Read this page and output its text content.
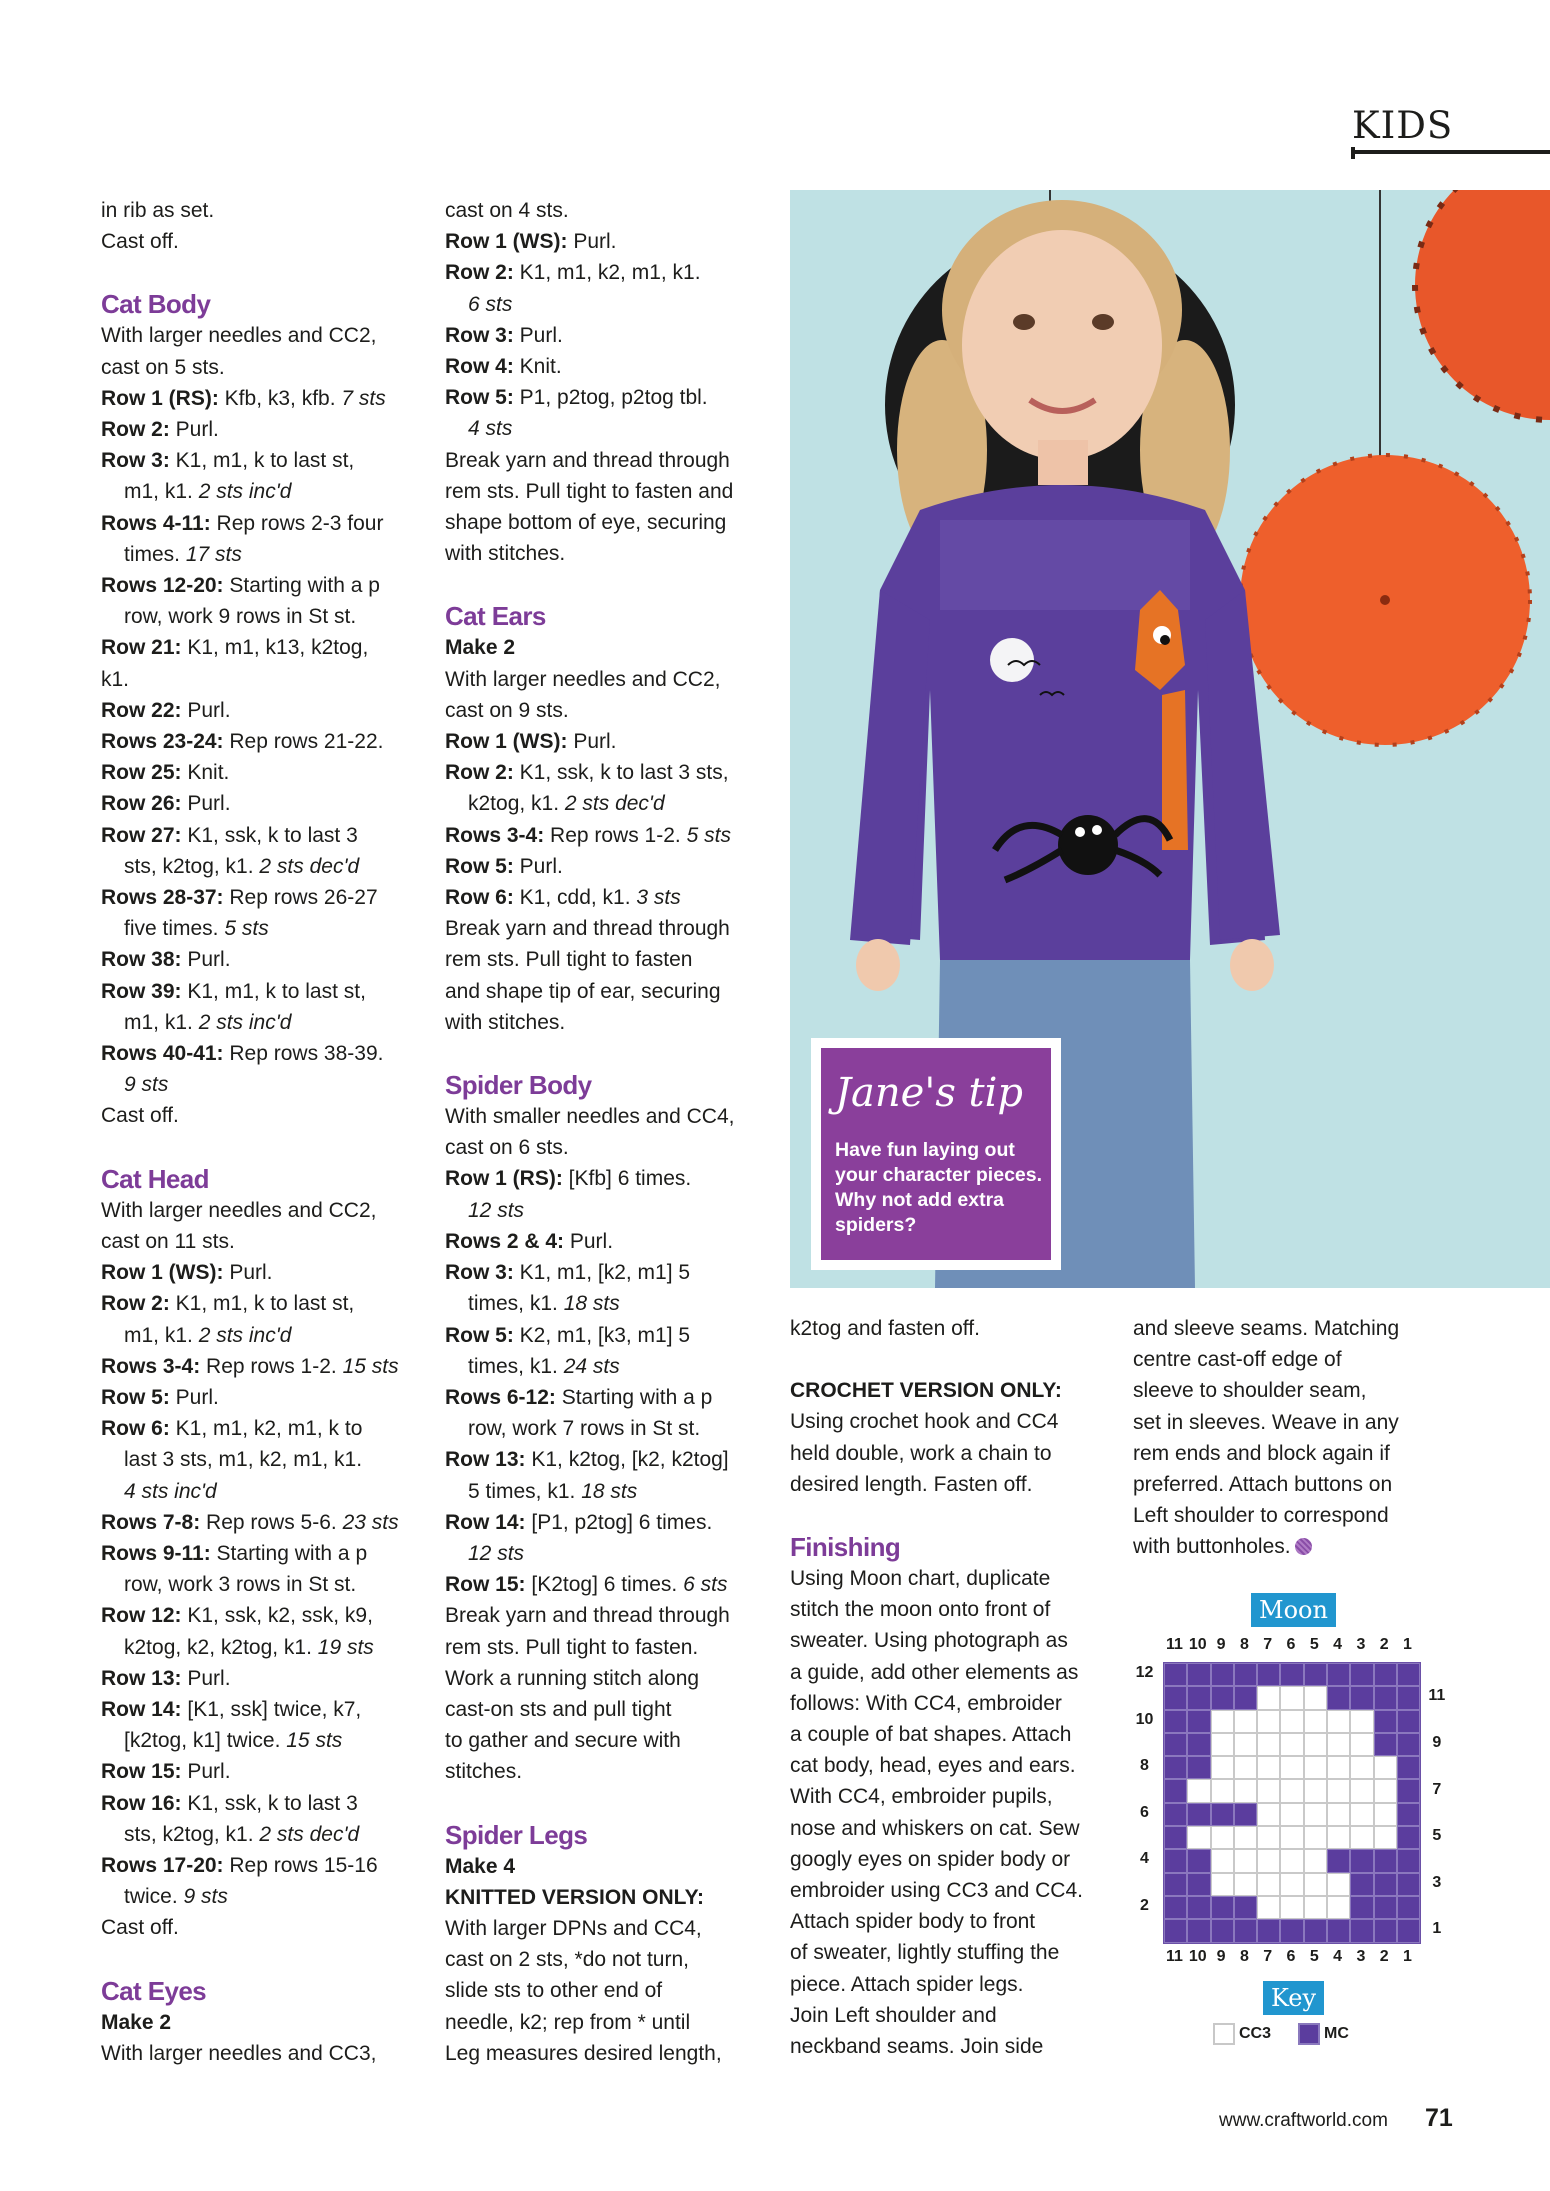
KIDS
in rib as set.
Cast off.
Cat Body
With larger needles and CC2,
cast on 5 sts.
Row 1 (RS): Kfb, k3, kfb. 7 sts
Row 2: Purl.
Row 3: K1, m1, k to last st,
m1, k1. 2 sts inc'd
Rows 4-11: Rep rows 2-3 four
times. 17 sts
Rows 12-20: Starting with a p
row, work 9 rows in St st.
Row 21: K1, m1, k13, k2tog,
k1.
Row 22: Purl.
Rows 23-24: Rep rows 21-22.
Row 25: Knit.
Row 26: Purl.
Row 27: K1, ssk, k to last 3
sts, k2tog, k1. 2 sts dec'd
Rows 28-37: Rep rows 26-27
five times. 5 sts
Row 38: Purl.
Row 39: K1, m1, k to last st,
m1, k1. 2 sts inc'd
Rows 40-41: Rep rows 38-39.
9 sts
Cast off.
Cat Head
With larger needles and CC2,
cast on 11 sts.
Row 1 (WS): Purl.
Row 2: K1, m1, k to last st,
m1, k1. 2 sts inc'd
Rows 3-4: Rep rows 1-2. 15 sts
Row 5: Purl.
Row 6: K1, m1, k2, m1, k to
last 3 sts, m1, k2, m1, k1.
4 sts inc'd
Rows 7-8: Rep rows 5-6. 23 sts
Rows 9-11: Starting with a p
row, work 3 rows in St st.
Row 12: K1, ssk, k2, ssk, k9,
k2tog, k2, k2tog, k1. 19 sts
Row 13: Purl.
Row 14: [K1, ssk] twice, k7,
[k2tog, k1] twice. 15 sts
Row 15: Purl.
Row 16: K1, ssk, k to last 3
sts, k2tog, k1. 2 sts dec'd
Rows 17-20: Rep rows 15-16
twice. 9 sts
Cast off.
Cat Eyes
Make 2
With larger needles and CC3,
cast on 4 sts.
Row 1 (WS): Purl.
Row 2: K1, m1, k2, m1, k1.
6 sts
Row 3: Purl.
Row 4: Knit.
Row 5: P1, p2tog, p2tog tbl.
4 sts
Break yarn and thread through
rem sts. Pull tight to fasten and
shape bottom of eye, securing
with stitches.
Cat Ears
Make 2
With larger needles and CC2,
cast on 9 sts.
Row 1 (WS): Purl.
Row 2: K1, ssk, k to last 3 sts,
k2tog, k1. 2 sts dec'd
Rows 3-4: Rep rows 1-2. 5 sts
Row 5: Purl.
Row 6: K1, cdd, k1. 3 sts
Break yarn and thread through
rem sts. Pull tight to fasten
and shape tip of ear, securing
with stitches.
Spider Body
With smaller needles and CC4,
cast on 6 sts.
Row 1 (RS): [Kfb] 6 times.
12 sts
Rows 2 & 4: Purl.
Row 3: K1, m1, [k2, m1] 5
times, k1. 18 sts
Row 5: K2, m1, [k3, m1] 5
times, k1. 24 sts
Rows 6-12: Starting with a p
row, work 7 rows in St st.
Row 13: K1, k2tog, [k2, k2tog]
5 times, k1. 18 sts
Row 14: [P1, p2tog] 6 times.
12 sts
Row 15: [K2tog] 6 times. 6 sts
Break yarn and thread through
rem sts. Pull tight to fasten.
Work a running stitch along
cast-on sts and pull tight
to gather and secure with
stitches.
Spider Legs
Make 4
KNITTED VERSION ONLY:
With larger DPNs and CC4,
cast on 2 sts, *do not turn,
slide sts to other end of
needle, k2; rep from * until
Leg measures desired length,
k2tog and fasten off.
CROCHET VERSION ONLY:
Using crochet hook and CC4
held double, work a chain to
desired length. Fasten off.
Finishing
Using Moon chart, duplicate
stitch the moon onto front of
sweater. Using photograph as
a guide, add other elements as
follows: With CC4, embroider
a couple of bat shapes. Attach
cat body, head, eyes and ears.
With CC4, embroider pupils,
nose and whiskers on cat. Sew
googly eyes on spider body or
embroider using CC3 and CC4.
Attach spider body to front
of sweater, lightly stuffing the
piece. Attach spider legs.
Join Left shoulder and
neckband seams. Join side
and sleeve seams. Matching
centre cast-off edge of
sleeve to shoulder seam,
set in sleeves. Weave in any
rem ends and block again if
preferred. Attach buttons on
Left shoulder to correspond
with buttonholes.
Jane's tip
Have fun laying out your character pieces. Why not add extra spiders?
Moon
11
11
10
10
9
9
8
8
7
7
6
6
5
5
4
4
3
3
2
2
1
1
12
10
8
6
4
2
11
9
7
5
3
1
Key
CC3	MC
www.craftworld.com 71
